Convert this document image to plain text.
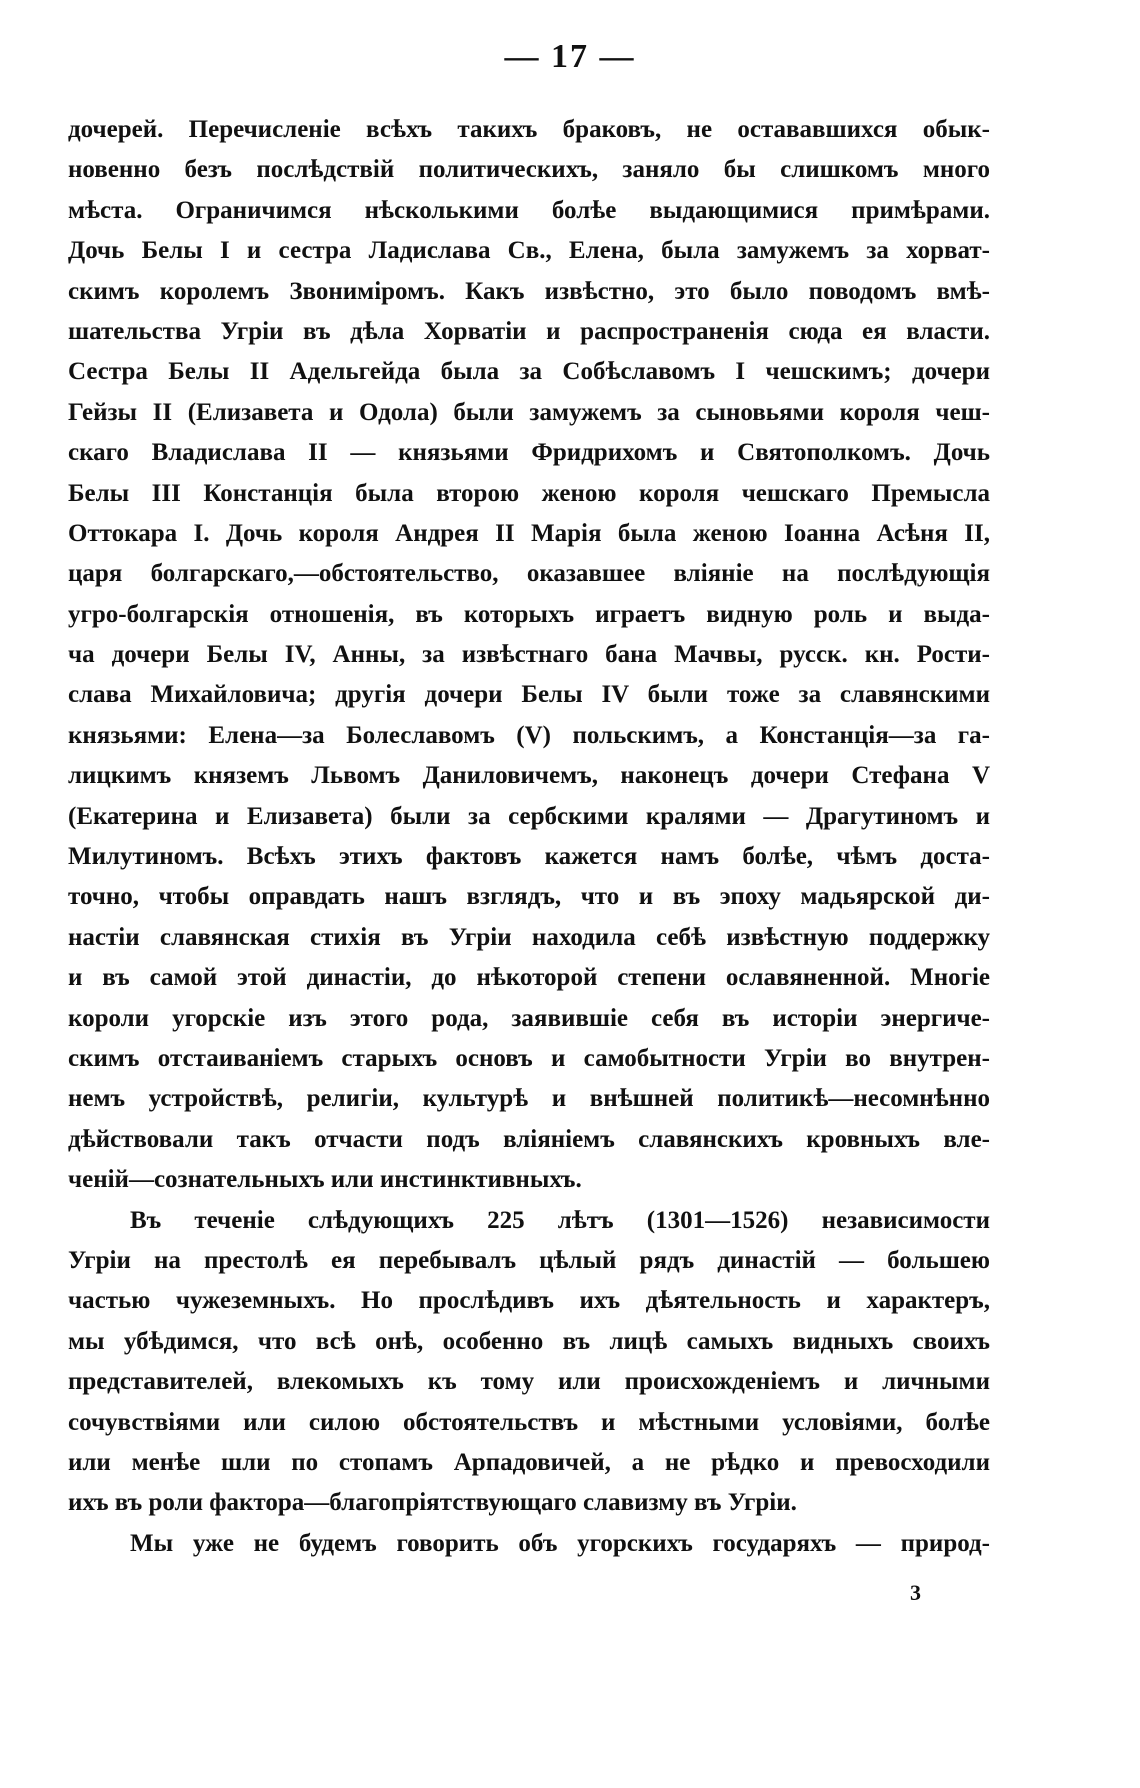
— 17 —
дочерей. Перечисленіе всѣхъ такихъ браковъ, не остававшихся обык-
новенно безъ послѣдствій политическихъ, заняло бы слишкомъ много
мѣста. Ограничимся нѣсколькими болѣе выдающимися примѣрами.
Дочь Белы I и сестра Ладислава Св., Елена, была замужемъ за хорват-
скимъ королемъ Звониміромъ. Какъ извѣстно, это было поводомъ вмѣ-
шательства Угріи въ дѣла Хорватіи и распространенія сюда ея власти.
Сестра Белы II Адельгейда была за Собѣславомъ I чешскимъ; дочери
Гейзы II (Елизавета и Одола) были замужемъ за сыновьями короля чеш-
скаго Владислава II — князьями Фридрихомъ и Святополкомъ. Дочь
Белы III Констанція была второю женою короля чешскаго Премысла
Оттокара I. Дочь короля Андрея II Марія была женою Іоанна Асѣня II,
царя болгарскаго,—обстоятельство, оказавшее вліяніе на послѣдующія
угро-болгарскія отношенія, въ которыхъ играетъ видную роль и выда-
ча дочери Белы IV, Анны, за извѣстнаго бана Мачвы, русск. кн. Рости-
слава Михайловича; другія дочери Белы IV были тоже за славянскими
князьями: Елена—за Болеславомъ (V) польскимъ, а Констанція—за га-
лицкимъ княземъ Львомъ Даниловичемъ, наконецъ дочери Стефана V
(Екатерина и Елизавета) были за сербскими кралями — Драгутиномъ и
Милутиномъ. Всѣхъ этихъ фактовъ кажется намъ болѣе, чѣмъ доста-
точно, чтобы оправдать нашъ взглядъ, что и въ эпоху мадьярской ди-
настіи славянская стихія въ Угріи находила себѣ извѣстную поддержку
и въ самой этой династіи, до нѣкоторой степени ославяненной. Многіе
короли угорскіе изъ этого рода, заявившіе себя въ исторіи энергиче-
скимъ отстаиваніемъ старыхъ основъ и самобытности Угріи во внутрен-
немъ устройствѣ, религіи, культурѣ и внѣшней политикѣ—несомнѣнно
дѣйствовали такъ отчасти подъ вліяніемъ славянскихъ кровныхъ вле-
ченій—сознательныхъ или инстинктивныхъ.
Въ теченіе слѣдующихъ 225 лѣтъ (1301—1526) независимости
Угріи на престолѣ ея перебывалъ цѣлый рядъ династій — большею
частью чужеземныхъ. Но прослѣдивъ ихъ дѣятельность и характеръ,
мы убѣдимся, что всѣ онѣ, особенно въ лицѣ самыхъ видныхъ своихъ
представителей, влекомыхъ къ тому или происхожденіемъ и личными
сочувствіями или силою обстоятельствъ и мѣстными условіями, болѣе
или менѣе шли по стопамъ Арпадовичей, а не рѣдко и превосходили
ихъ въ роли фактора—благопріятствующаго славизму въ Угріи.
Мы уже не будемъ говорить объ угорскихъ государяхъ — природ-
3
